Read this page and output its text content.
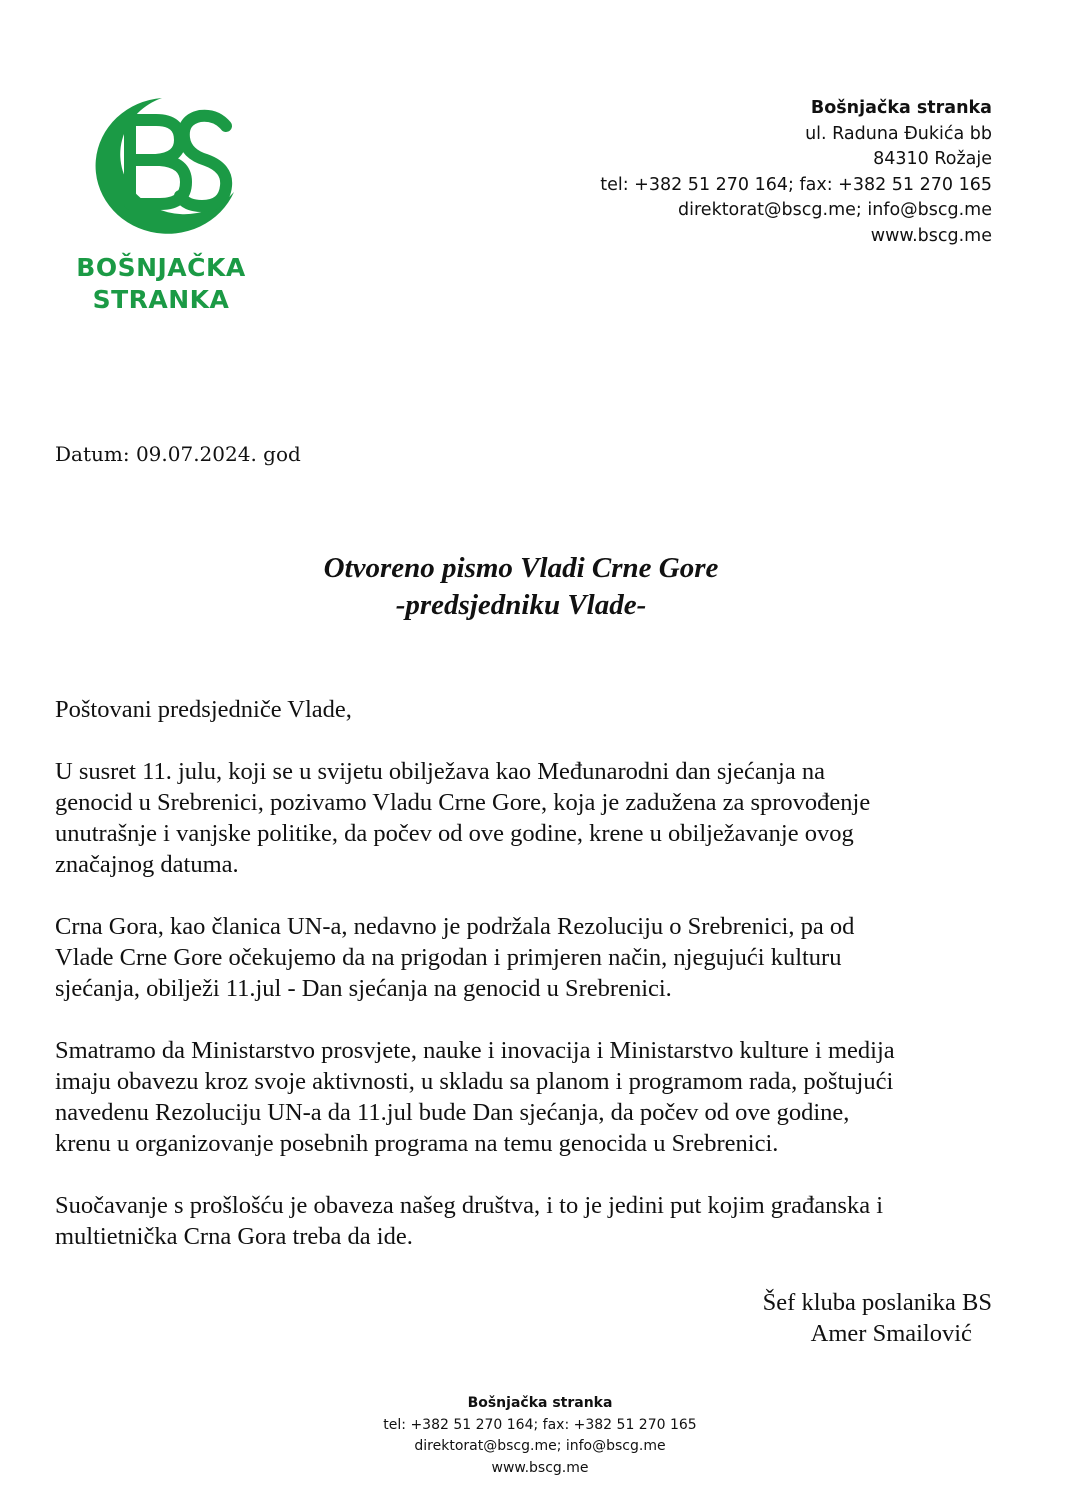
BOŠNJAČKA
STRANKA
Bošnjačka stranka
ul. Raduna Đukića bb
84310 Rožaje
tel: +382 51 270 164; fax: +382 51 270 165
direktorat@bscg.me; info@bscg.me
www.bscg.me
Datum: 09.07.2024. god
Otvoreno pismo Vladi Crne Gore
-predsjedniku Vlade-

Poštovani predsjedniče Vlade,

U susret 11. julu, koji se u svijetu obilježava kao Međunarodni dan sjećanja na
genocid u Srebrenici, pozivamo Vladu Crne Gore, koja je zadužena za sprovođenje
unutrašnje i vanjske politike, da počev od ove godine, krene u obilježavanje ovog
značajnog datuma.

Crna Gora, kao članica UN-a, nedavno je podržala Rezoluciju o Srebrenici, pa od
Vlade Crne Gore očekujemo da na prigodan i primjeren način, njegujući kulturu
sjećanja, obilježi 11.jul - Dan sjećanja na genocid u Srebrenici.

Smatramo da Ministarstvo prosvjete, nauke i inovacija i Ministarstvo kulture i medija
imaju obavezu kroz svoje aktivnosti, u skladu sa planom i programom rada, poštujući
navedenu Rezoluciju UN-a da 11.jul bude Dan sjećanja, da počev od ove godine,
krenu u organizovanje posebnih programa na temu genocida u Srebrenici.

Suočavanje s prošlošću je obaveza našeg društva, i to je jedini put kojim građanska i
multietnička Crna Gora treba da ide.

Šef kluba poslanika BS
Amer Smailović
Bošnjačka stranka
tel: +382 51 270 164; fax: +382 51 270 165
direktorat@bscg.me; info@bscg.me
www.bscg.me
